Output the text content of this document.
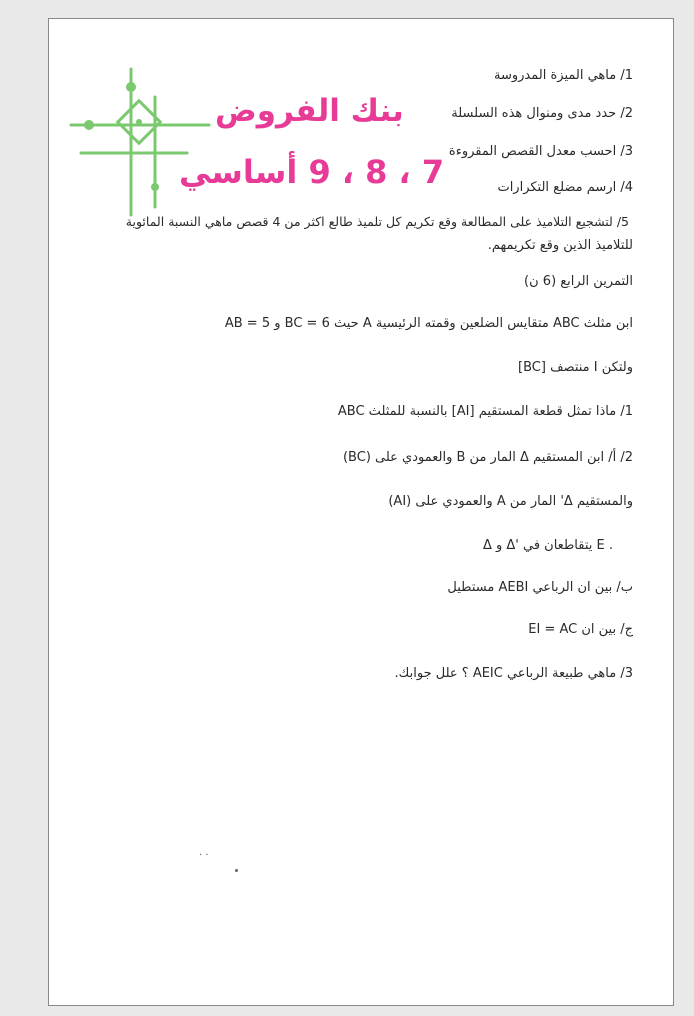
بنك الفروض
7 ، 8 ، 9 أساسي
1/ ماهي الميزة المدروسة
2/ حدد مدى ومنوال هذه السلسلة
3/ احسب معدل القصص المقروءة
4/ ارسم مضلع التكرارات
5/ لتشجيع التلاميذ على المطالعة وقع تكريم كل تلميذ طالع اكثر من 4 قصص ماهي النسبة المائوية
للتلاميذ الذين وقع تكريمهم.
التمرين الرابع (6 ن)
ابن مثلث ABC متقايس الضلعين وقمته الرئيسية A حيث BC = 6 و AB = 5
ولتكن I منتصف [BC]
1/ ماذا تمثل قطعة المستقيم [AI] بالنسبة للمثلث ABC
2/ أ/ ابن المستقيم Δ المار من B والعمودي على (BC)
والمستقيم Δ' المار من A والعمودي على (AI)
Δ و Δ' يتقاطعان في E .
ب/ بين ان الرباعي AEBI مستطيل
ج/ بين ان EI = AC
3/ ماهي طبيعة الرباعي AEIC ؟ علل جوابك.
. .
